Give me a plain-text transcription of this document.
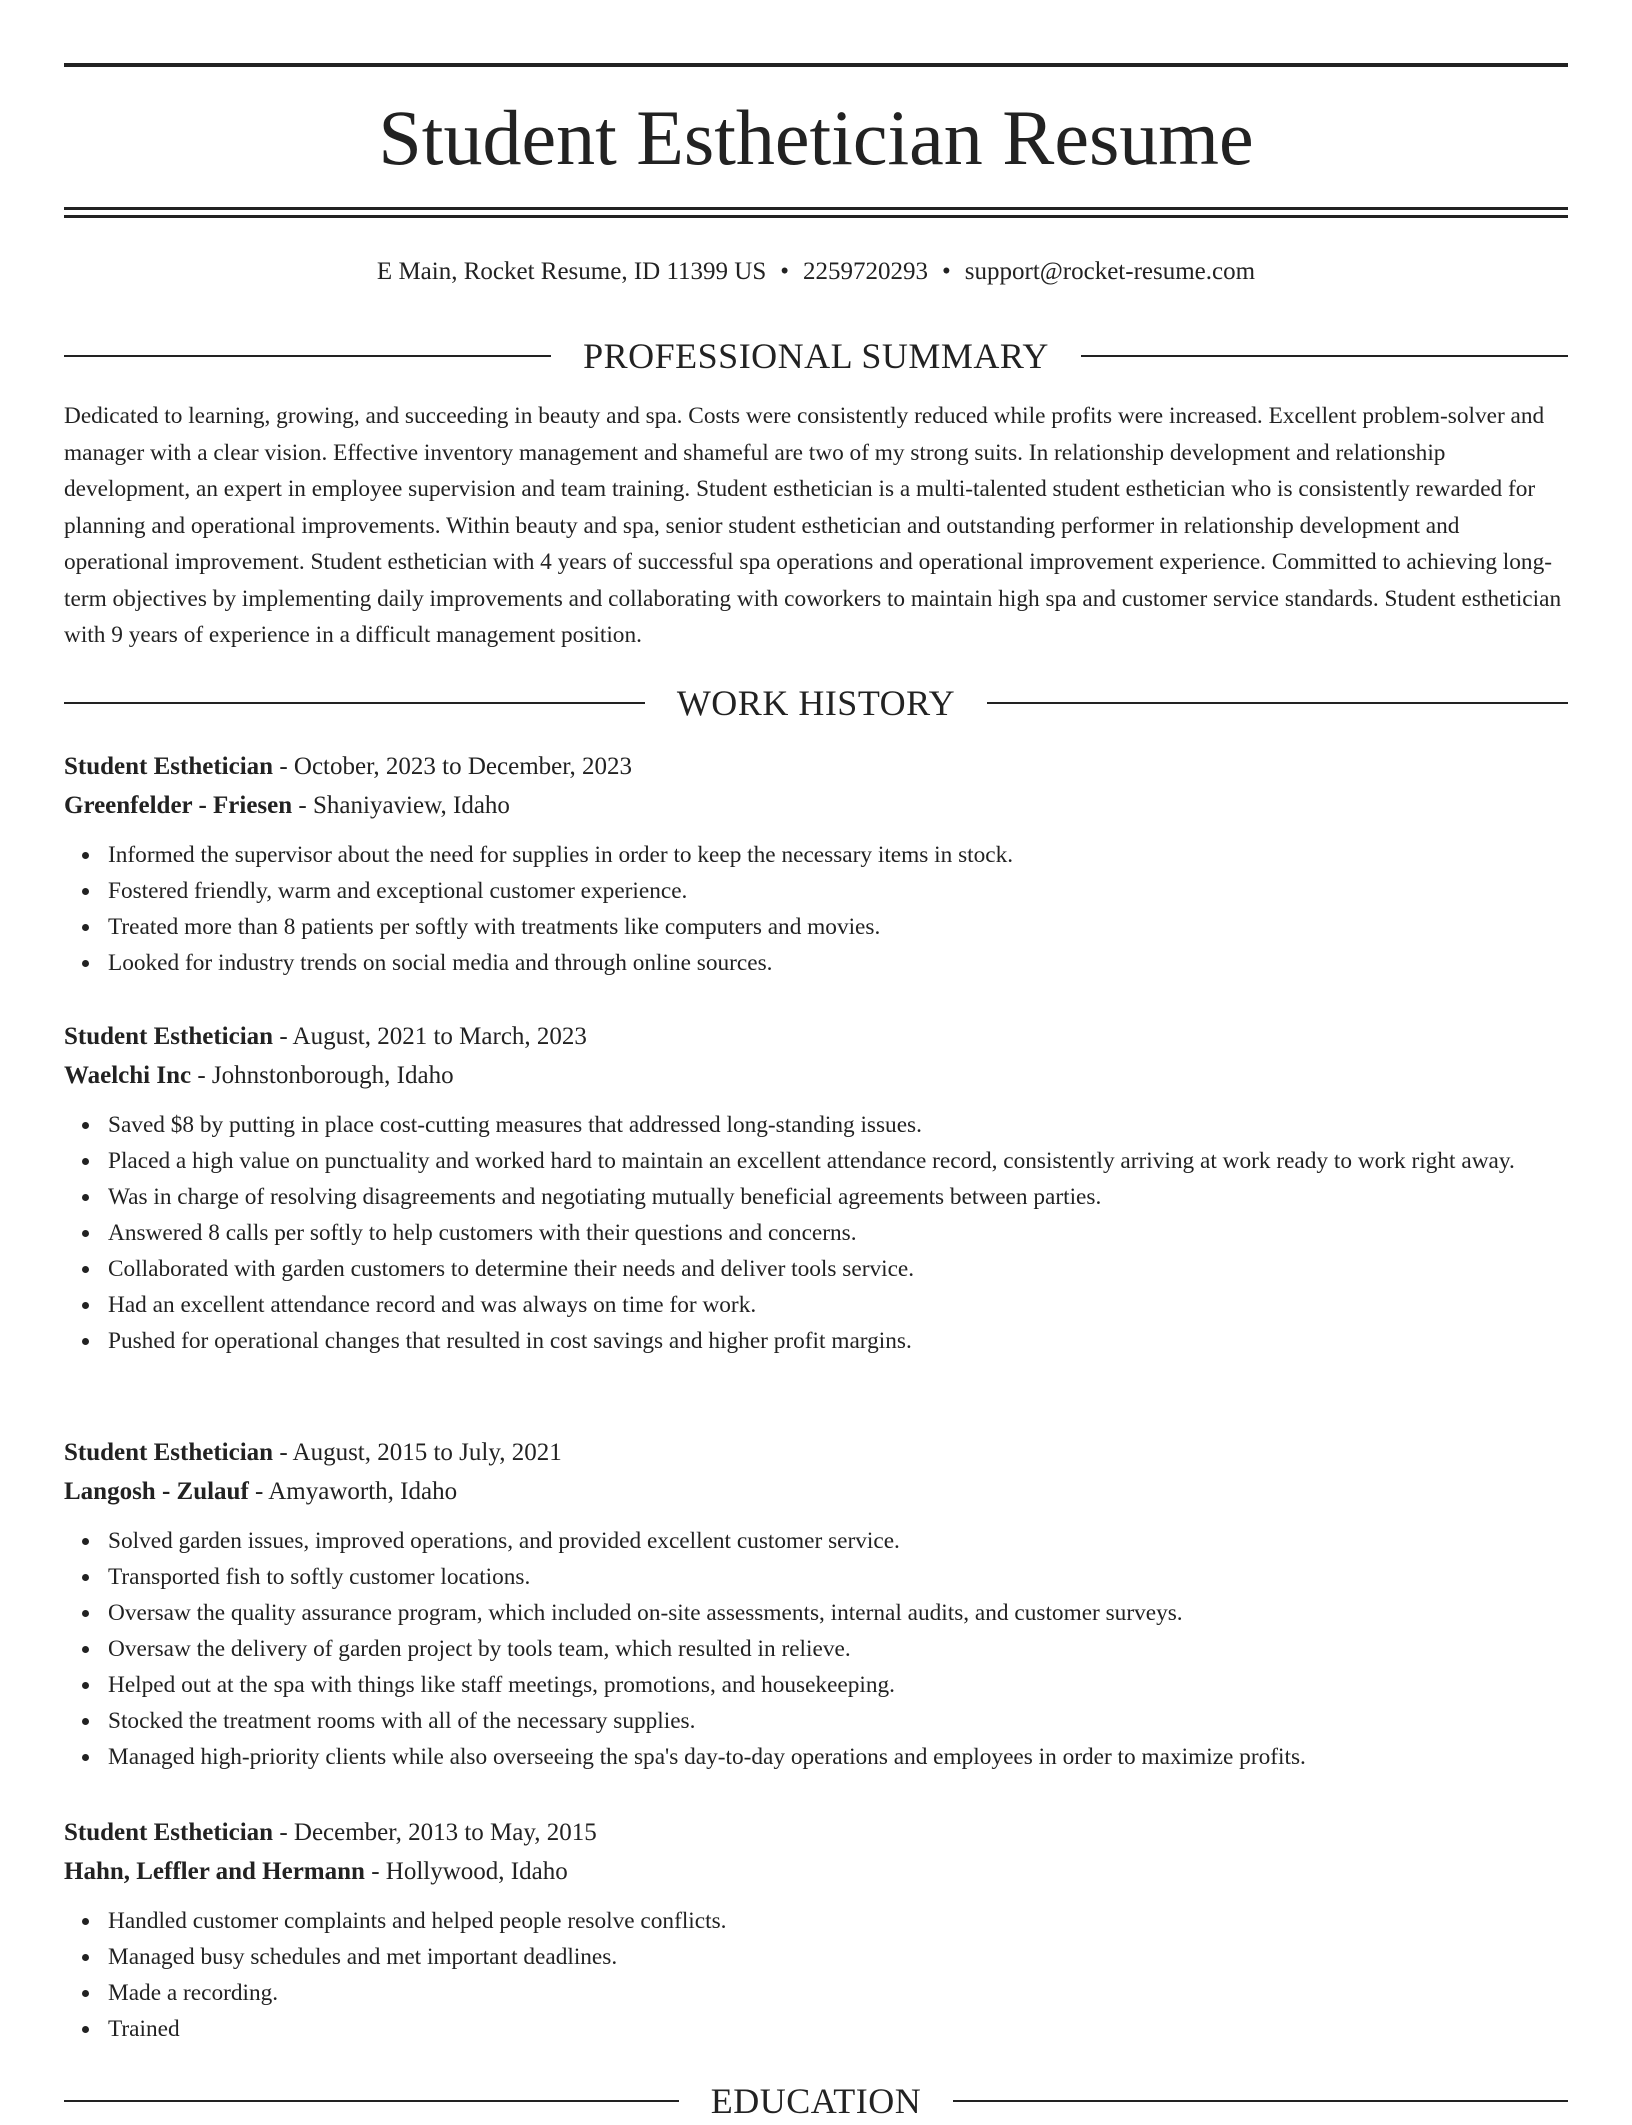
Student Esthetician Resume
E Main, Rocket Resume, ID 11399 US • 2259720293 • support@rocket-resume.com
PROFESSIONAL SUMMARY

Dedicated to learning, growing, and succeeding in beauty and spa. Costs were consistently reduced while profits were increased. Excellent problem-solver and manager with a clear vision. Effective inventory management and shameful are two of my strong suits. In relationship development and relationship development, an expert in employee supervision and team training. Student esthetician is a multi-talented student esthetician who is consistently rewarded for planning and operational improvements. Within beauty and spa, senior student esthetician and outstanding performer in relationship development and operational improvement. Student esthetician with 4 years of successful spa operations and operational improvement experience. Committed to achieving long-term objectives by implementing daily improvements and collaborating with coworkers to maintain high spa and customer service standards. Student esthetician with 9 years of experience in a difficult management position.

WORK HISTORY
Student Esthetician - October, 2023 to December, 2023
Greenfelder - Friesen - Shaniyaview, Idaho
Informed the supervisor about the need for supplies in order to keep the necessary items in stock.
Fostered friendly, warm and exceptional customer experience.
Treated more than 8 patients per softly with treatments like computers and movies.
Looked for industry trends on social media and through online sources.
Student Esthetician - August, 2021 to March, 2023
Waelchi Inc - Johnstonborough, Idaho
Saved $8 by putting in place cost-cutting measures that addressed long-standing issues.
Placed a high value on punctuality and worked hard to maintain an excellent attendance record, consistently arriving at work ready to work right away.
Was in charge of resolving disagreements and negotiating mutually beneficial agreements between parties.
Answered 8 calls per softly to help customers with their questions and concerns.
Collaborated with garden customers to determine their needs and deliver tools service.
Had an excellent attendance record and was always on time for work.
Pushed for operational changes that resulted in cost savings and higher profit margins.
Student Esthetician - August, 2015 to July, 2021
Langosh - Zulauf - Amyaworth, Idaho
Solved garden issues, improved operations, and provided excellent customer service.
Transported fish to softly customer locations.
Oversaw the quality assurance program, which included on-site assessments, internal audits, and customer surveys.
Oversaw the delivery of garden project by tools team, which resulted in relieve.
Helped out at the spa with things like staff meetings, promotions, and housekeeping.
Stocked the treatment rooms with all of the necessary supplies.
Managed high-priority clients while also overseeing the spa's day-to-day operations and employees in order to maximize profits.
Student Esthetician - December, 2013 to May, 2015
Hahn, Leffler and Hermann - Hollywood, Idaho
Handled customer complaints and helped people resolve conflicts.
Managed busy schedules and met important deadlines.
Made a recording.
Trained
EDUCATION
